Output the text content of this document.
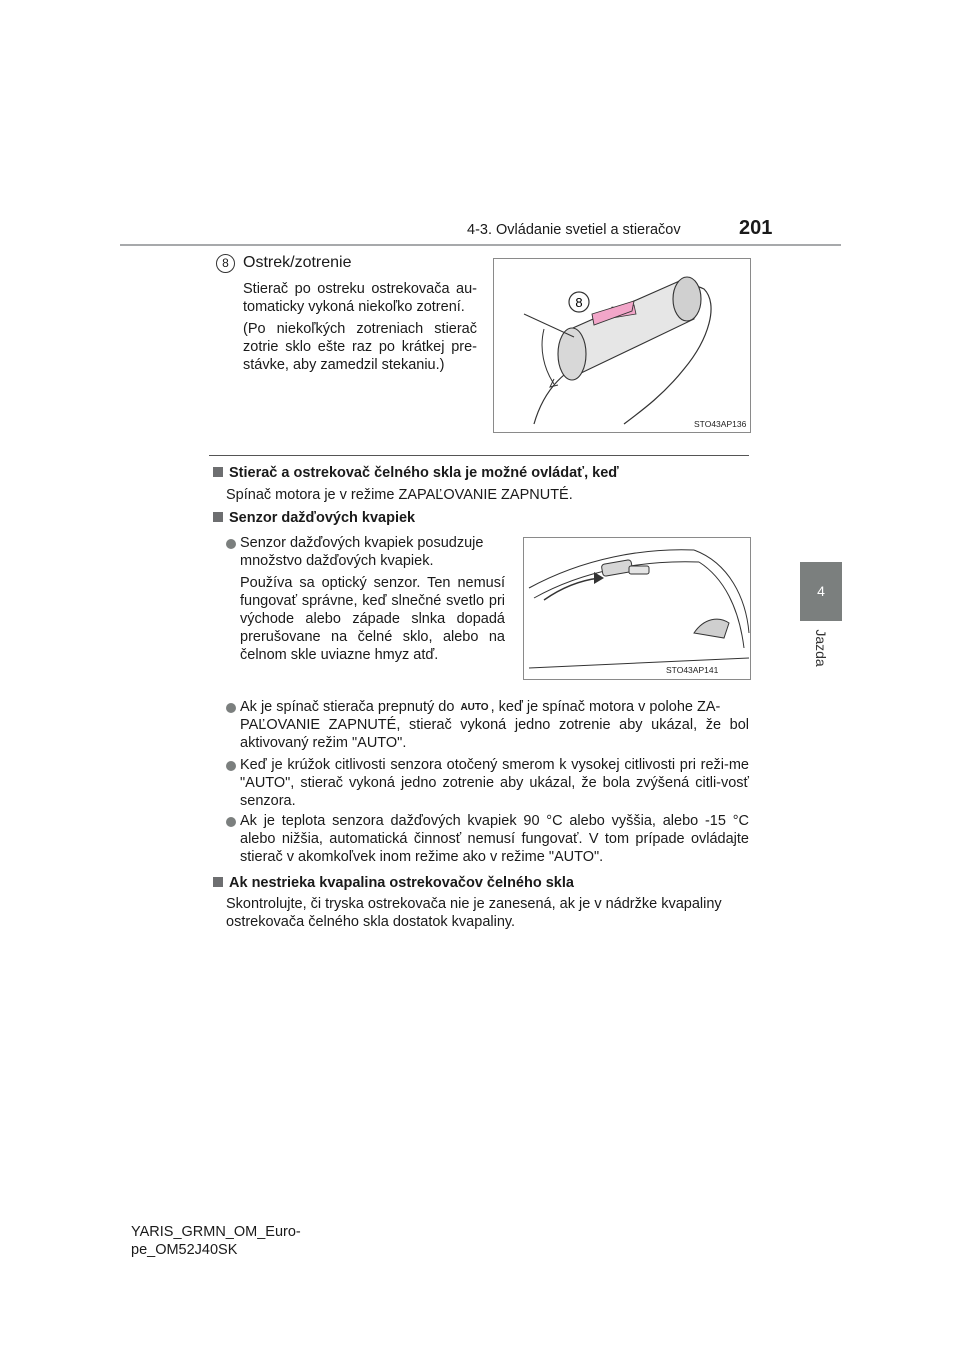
4-3. Ovládanie svetiel a stieračov	201
4
Jazda
8 Ostrek/zotrenie
Stierač po ostreku ostrekovača au-tomaticky vykoná niekoľko zotrení.
(Po niekoľkých zotreniach stierač zotrie sklo ešte raz po krátkej pre-stávke, aby zamedzil stekaniu.)
8
STO43AP136
Stierač a ostrekovač čelného skla je možné ovládať, keď
Spínač motora je v režime ZAPAĽOVANIE ZAPNUTÉ.
Senzor dažďových kvapiek
Senzor dažďových kvapiek posudzuje
množstvo dažďových kvapiek.
Používa sa optický senzor. Ten nemusí fungovať správne, keď slnečné svetlo pri východe alebo západe slnka dopadá prerušovane na čelné sklo, alebo na čelnom skle uviazne hmyz atď.
STO43AP141
Ak je spínač stierača prepnutý do AUTO , keď je spínač motora v polohe ZA-
PAĽOVANIE ZAPNUTÉ, stierač vykoná jedno zotrenie aby ukázal, že bol aktivovaný režim "AUTO".
Keď je krúžok citlivosti senzora otočený smerom k vysokej citlivosti pri reži-me "AUTO", stierač vykoná jedno zotrenie aby ukázal, že bola zvýšená citli-vosť senzora.
Ak je teplota senzora dažďových kvapiek 90 °C alebo vyššia, alebo -15 °C alebo nižšia, automatická činnosť nemusí fungovať. V tom prípade ovládajte stierač v akomkoľvek inom režime ako v režime "AUTO".
Ak nestrieka kvapalina ostrekovačov čelného skla
Skontrolujte, či tryska ostrekovača nie je zanesená, ak je v nádržke kvapaliny ostrekovača čelného skla dostatok kvapaliny.
YARIS_GRMN_OM_Euro-
pe_OM52J40SK
